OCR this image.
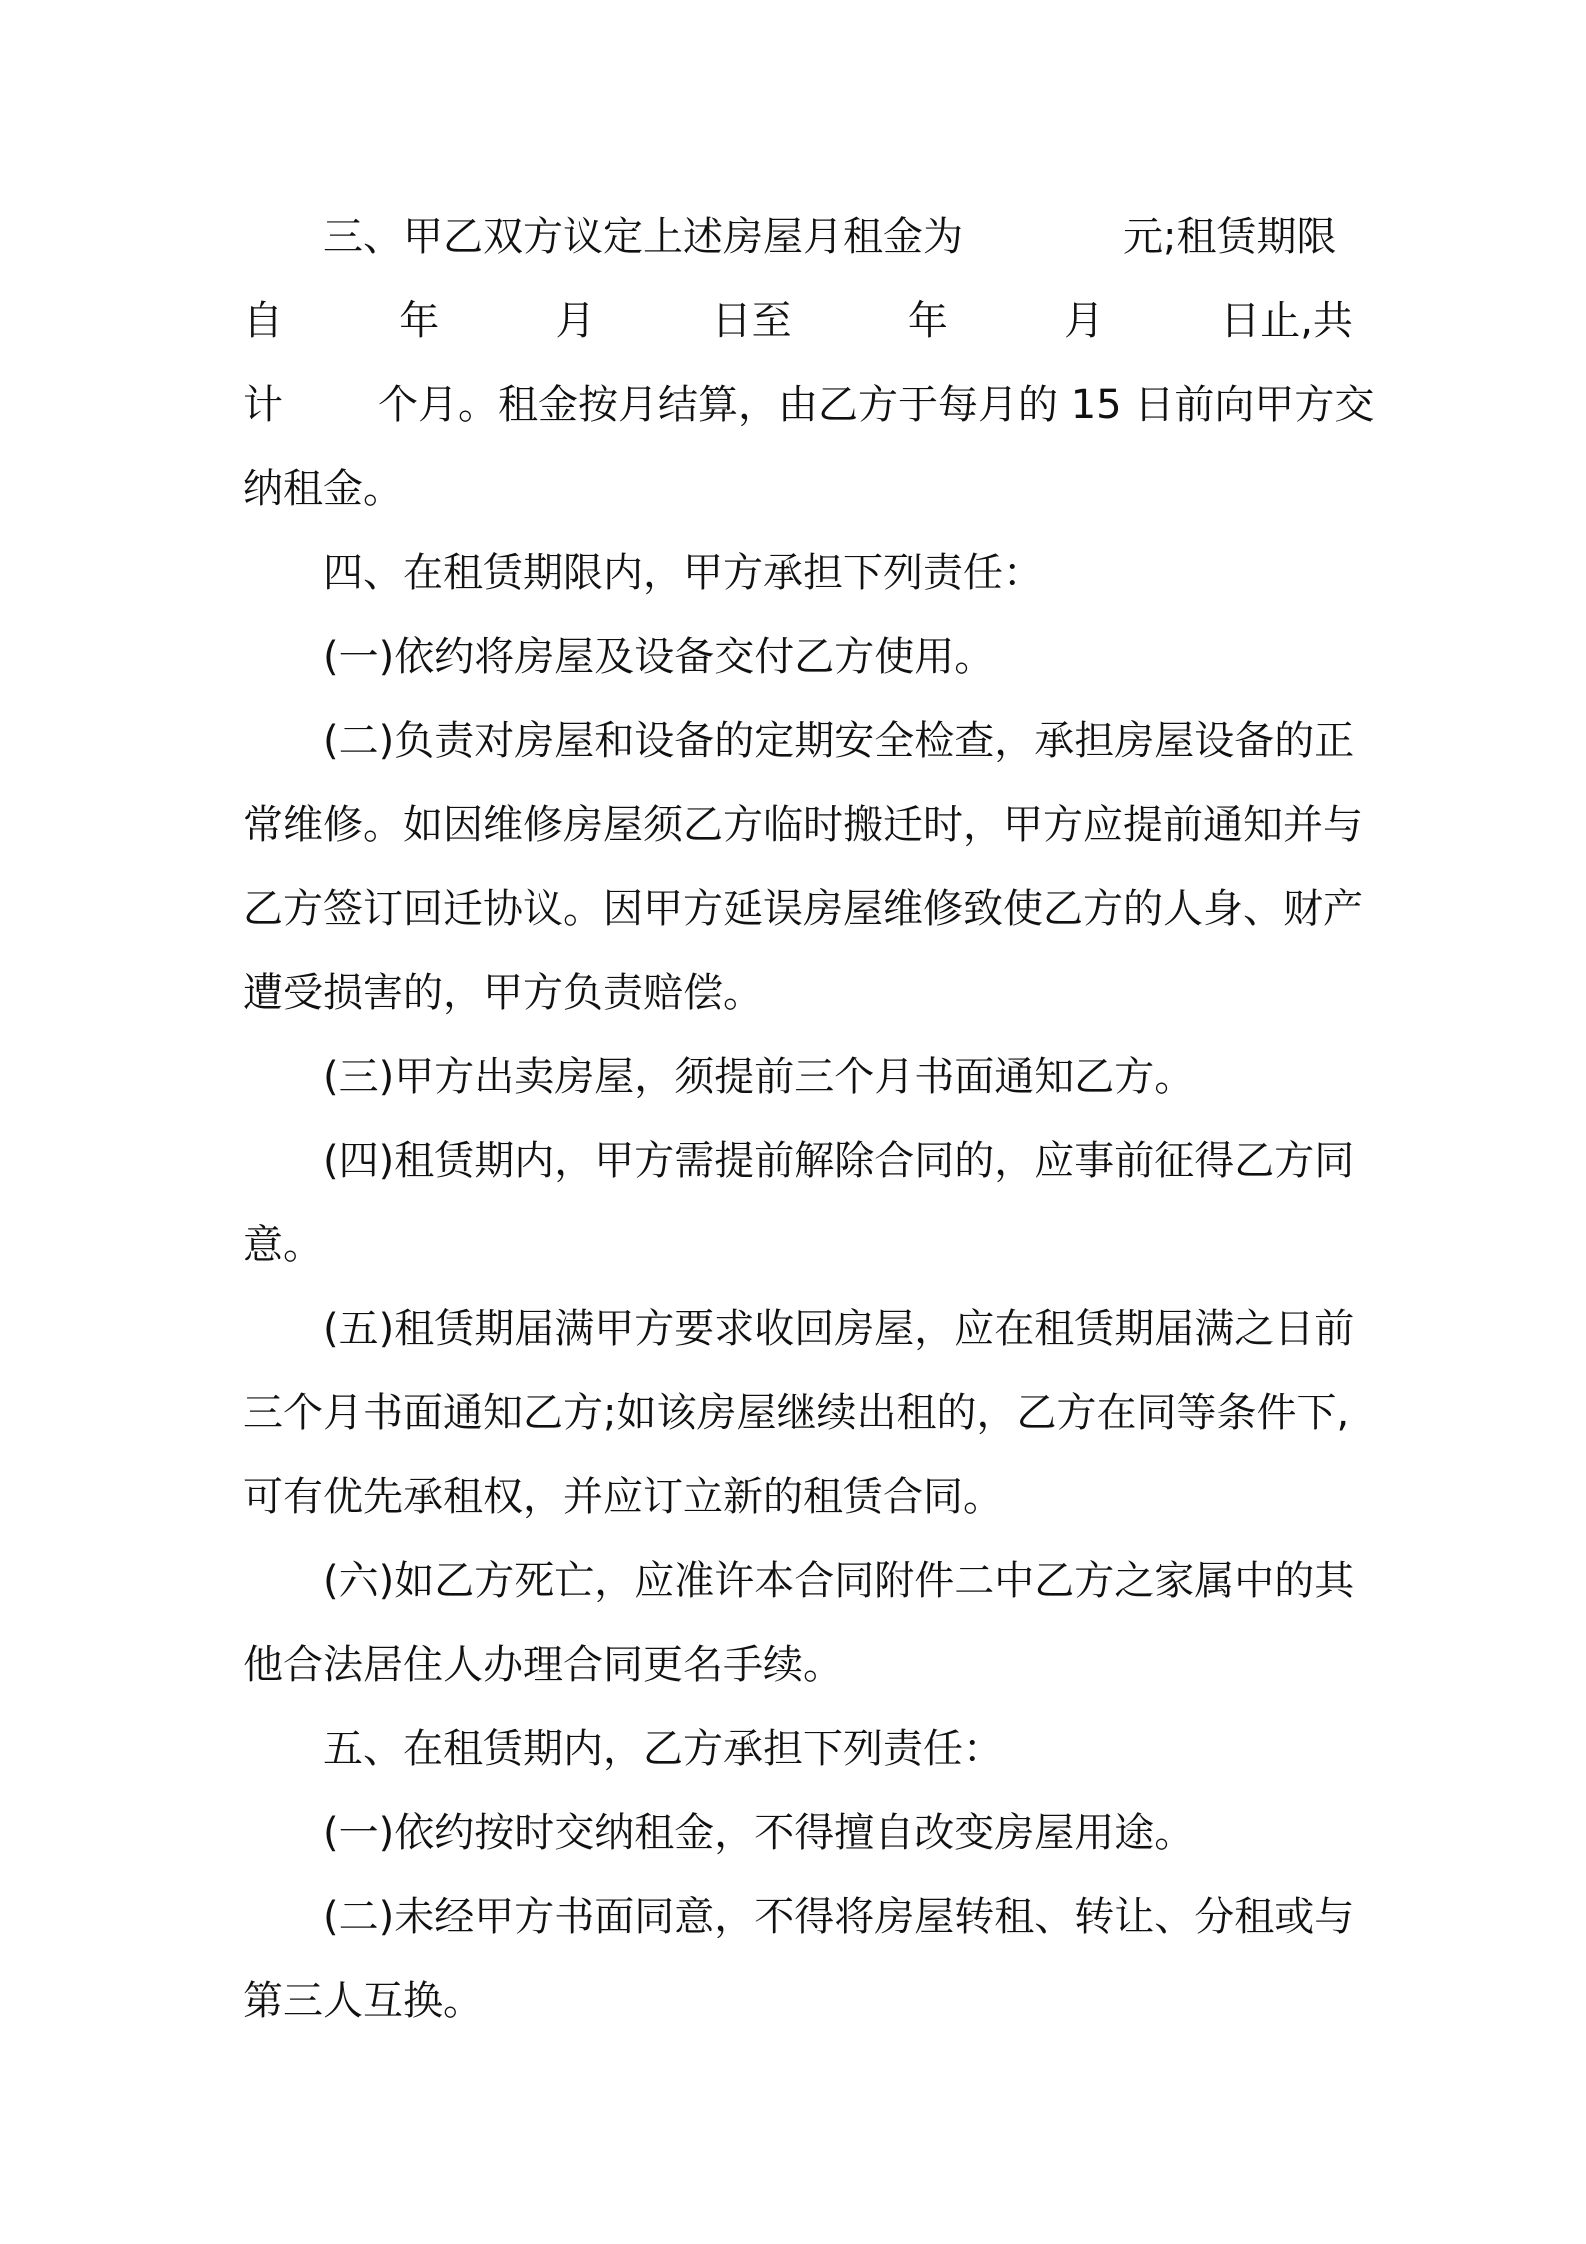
三、甲乙双方议定上述房屋月租金为	元;租赁期限
自	年	月	日至	年	月	日止,共
计 个月。租金按月结算，由乙方于每月的 15 日前向甲方交
纳租金。
四、在租赁期限内，甲方承担下列责任：
(一)依约将房屋及设备交付乙方使用。
(二)负责对房屋和设备的定期安全检查，承担房屋设备的正
常维修。如因维修房屋须乙方临时搬迁时，甲方应提前通知并与
乙方签订回迁协议。因甲方延误房屋维修致使乙方的人身、财产
遭受损害的，甲方负责赔偿。
(三)甲方出卖房屋，须提前三个月书面通知乙方。
(四)租赁期内，甲方需提前解除合同的，应事前征得乙方同
意。
(五)租赁期届满甲方要求收回房屋，应在租赁期届满之日前
三个月书面通知乙方;如该房屋继续出租的，乙方在同等条件下,
可有优先承租权，并应订立新的租赁合同。
(六)如乙方死亡，应准许本合同附件二中乙方之家属中的其
他合法居住人办理合同更名手续。
五、在租赁期内，乙方承担下列责任：
(一)依约按时交纳租金，不得擅自改变房屋用途。
(二)未经甲方书面同意，不得将房屋转租、转让、分租或与
第三人互换。
